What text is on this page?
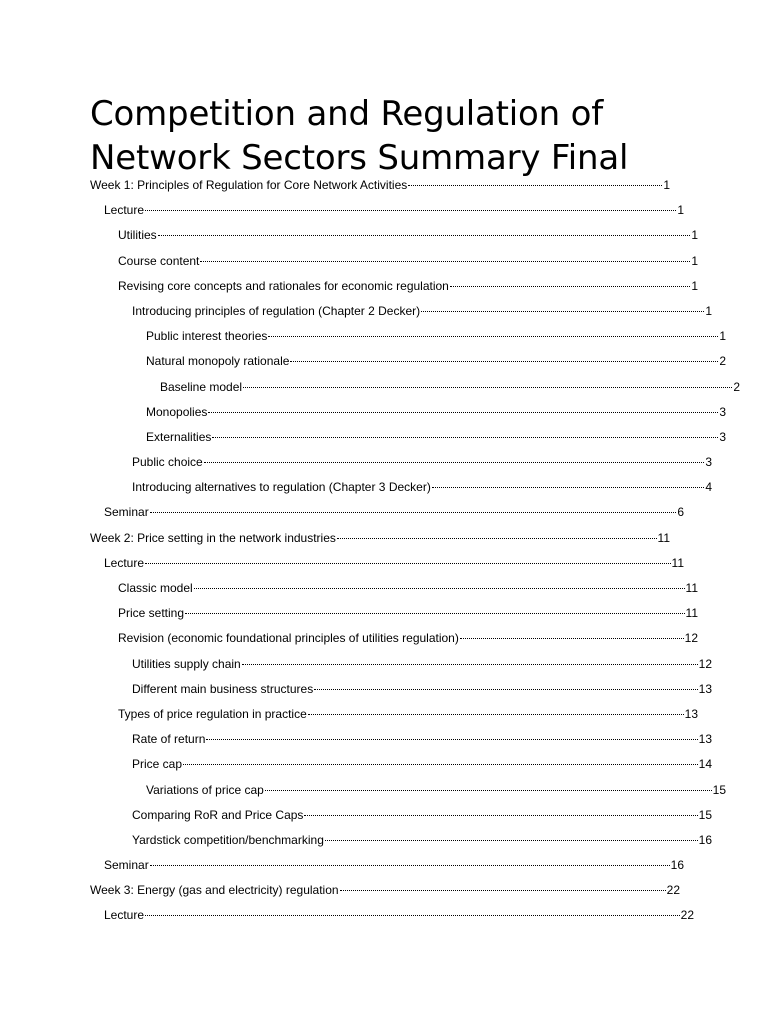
Competition and Regulation of Network Sectors Summary Final
Week 1: Principles of Regulation for Core Network Activities	1
Lecture	1
Utilities	1
Course content	1
Revising core concepts and rationales for economic regulation	1
Introducing principles of regulation (Chapter 2 Decker)	1
Public interest theories	1
Natural monopoly rationale	2
Baseline model	2
Monopolies	3
Externalities	3
Public choice	3
Introducing alternatives to regulation (Chapter 3 Decker)	4
Seminar	6
Week 2: Price setting in the network industries	11
Lecture	11
Classic model	11
Price setting	11
Revision (economic foundational principles of utilities regulation)	12
Utilities supply chain	12
Different main business structures	13
Types of price regulation in practice	13
Rate of return	13
Price cap	14
Variations of price cap	15
Comparing RoR and Price Caps	15
Yardstick competition/benchmarking	16
Seminar	16
Week 3: Energy (gas and electricity) regulation	22
Lecture	22
